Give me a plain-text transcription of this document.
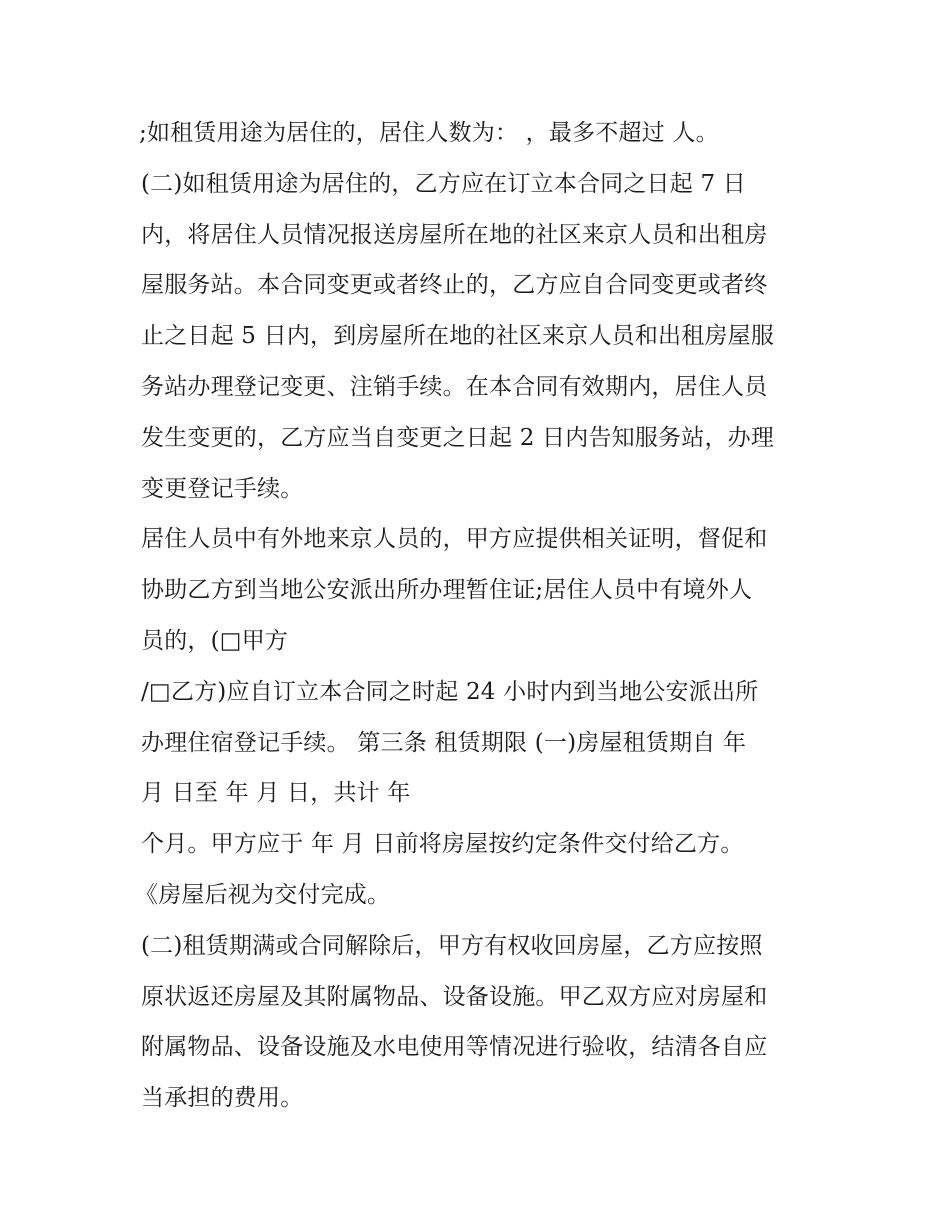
;如租赁用途为居住的，居住人数为： ，最多不超过 人。
(二)如租赁用途为居住的，乙方应在订立本合同之日起 7 日
内，将居住人员情况报送房屋所在地的社区来京人员和出租房
屋服务站。本合同变更或者终止的，乙方应自合同变更或者终
止之日起 5 日内，到房屋所在地的社区来京人员和出租房屋服
务站办理登记变更、注销手续。在本合同有效期内，居住人员
发生变更的，乙方应当自变更之日起 2 日内告知服务站，办理
变更登记手续。
居住人员中有外地来京人员的，甲方应提供相关证明，督促和
协助乙方到当地公安派出所办理暂住证;居住人员中有境外人
员的，(□甲方
/□乙方)应自订立本合同之时起 24 小时内到当地公安派出所
办理住宿登记手续。 第三条 租赁期限 (一)房屋租赁期自 年
月 日至 年 月 日，共计 年
个月。甲方应于 年 月 日前将房屋按约定条件交付给乙方。
《房屋后视为交付完成。
(二)租赁期满或合同解除后，甲方有权收回房屋，乙方应按照
原状返还房屋及其附属物品、设备设施。甲乙双方应对房屋和
附属物品、设备设施及水电使用等情况进行验收，结清各自应
当承担的费用。
